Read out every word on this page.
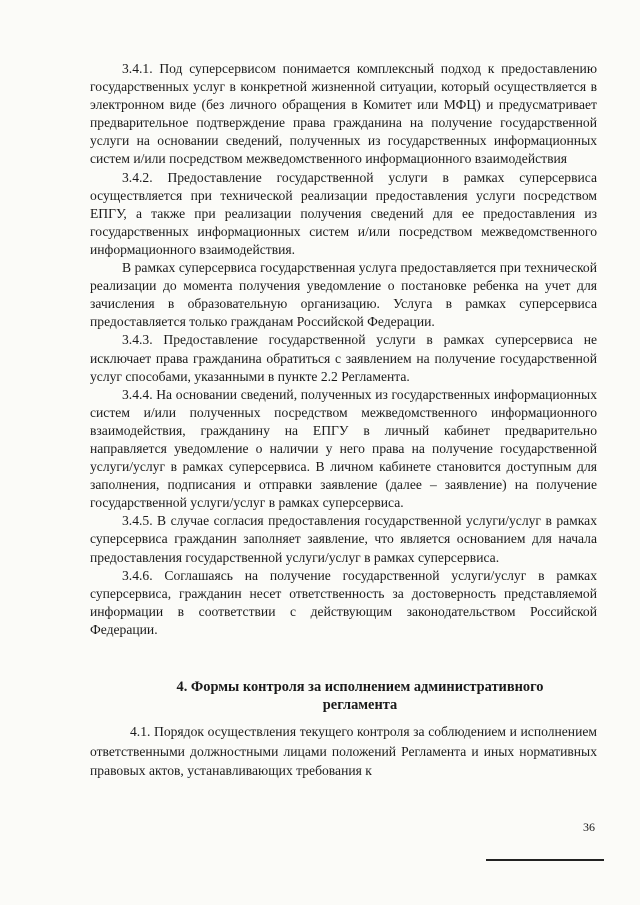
3.4.1. Под суперсервисом понимается комплексный подход к предоставлению государственных услуг в конкретной жизненной ситуации, который осуществляется в электронном виде (без личного обращения в Комитет или МФЦ) и предусматривает предварительное подтверждение права гражданина на получение государственной услуги на основании сведений, полученных из государственных информационных систем и/или посредством межведомственного информационного взаимодействия

3.4.2. Предоставление государственной услуги в рамках суперсервиса осуществляется при технической реализации предоставления услуги посредством ЕПГУ, а также при реализации получения сведений для ее предоставления из государственных информационных систем и/или посредством межведомственного информационного взаимодействия.

В рамках суперсервиса государственная услуга предоставляется при технической реализации до момента получения уведомление о постановке ребенка на учет для зачисления в образовательную организацию. Услуга в рамках суперсервиса предоставляется только гражданам Российской Федерации.

3.4.3. Предоставление государственной услуги в рамках суперсервиса не исключает права гражданина обратиться с заявлением на получение государственной услуг способами, указанными в пункте 2.2 Регламента.

3.4.4. На основании сведений, полученных из государственных информационных систем и/или полученных посредством межведомственного информационного взаимодействия, гражданину на ЕПГУ в личный кабинет предварительно направляется уведомление о наличии у него права на получение государственной услуги/услуг в рамках суперсервиса. В личном кабинете становится доступным для заполнения, подписания и отправки заявление (далее – заявление) на получение государственной услуги/услуг в рамках суперсервиса.

3.4.5. В случае согласия предоставления государственной услуги/услуг в рамках суперсервиса гражданин заполняет заявление, что является основанием для начала предоставления государственной услуги/услуг в рамках суперсервиса.

3.4.6. Соглашаясь на получение государственной услуги/услуг в рамках суперсервиса, гражданин несет ответственность за достоверность представляемой информации в соответствии с действующим законодательством Российской Федерации.

4. Формы контроля за исполнением административного
регламента

4.1. Порядок осуществления текущего контроля за соблюдением и исполнением ответственными должностными лицами положений Регламента и иных нормативных правовых актов, устанавливающих требования к

36
